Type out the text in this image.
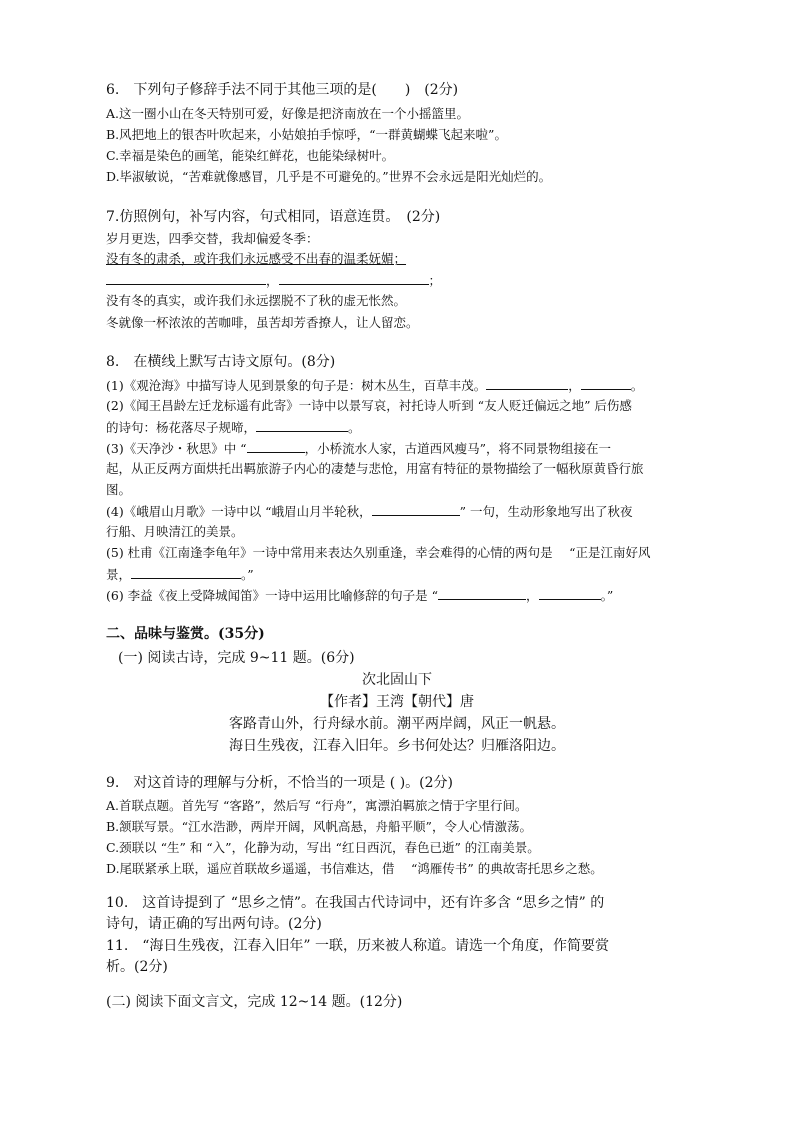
6.　下列句子修辞手法不同于其他三项的是(　　)　(2分)
A.这一圈小山在冬天特别可爱，好像是把济南放在一个小摇篮里。
B.风把地上的银杏叶吹起来，小姑娘拍手惊呼，“一群黄蝴蝶飞起来啦”。
C.幸福是染色的画笔，能染红鲜花，也能染绿树叶。
D.毕淑敏说，“苦难就像感冒，几乎是不可避免的。”世界不会永远是阳光灿烂的。
7.仿照例句，补写内容，句式相同，语意连贯。　(2分)
岁月更迭，四季交替，我却偏爱冬季：
没有冬的肃杀，或许我们永远感受不出春的温柔妩媚；
，	；
没有冬的真实，或许我们永远摆脱不了秋的虚无怅然。
冬就像一杯浓浓的苦咖啡，虽苦却芳香撩人，让人留恋。
8.　在横线上默写古诗文原句。(8分)
(1)《观沧海》中描写诗人见到景象的句子是：树木丛生，百草丰茂。	，	。
(2)《闻王昌龄左迁龙标遥有此寄》一诗中以景写哀，衬托诗人听到 “友人贬迁偏远之地” 后伤感
的诗句：杨花落尽子规啼，	。
(3)《天净沙・秋思》中 “	，小桥流水人家，古道西风瘦马”，将不同景物组接在一
起，从正反两方面烘托出羁旅游子内心的凄楚与悲怆，用富有特征的景物描绘了一幅秋原黄昏行旅
图。
(4)《峨眉山月歌》一诗中以 “峨眉山月半轮秋，	” 一句，生动形象地写出了秋夜
行船、月映清江的美景。
(5) 杜甫《江南逢李龟年》一诗中常用来表达久别重逢，幸会难得的心情的两句是　 “正是江南好风
景，	。”
(6) 李益《夜上受降城闻笛》一诗中运用比喻修辞的句子是 “	，	。”
二、品味与鉴赏。(35分)
(一) 阅读古诗，完成 9~11 题。(6分)
次北固山下
【作者】王湾【朝代】唐
客路青山外，行舟绿水前。潮平两岸阔，风正一帆悬。
海日生残夜，江春入旧年。乡书何处达？归雁洛阳边。
9.　对这首诗的理解与分析，不恰当的一项是 ( )。(2分)
A.首联点题。首先写 “客路”，然后写 “行舟”，寓漂泊羁旅之情于字里行间。
B.颔联写景。“江水浩渺，两岸开阔，风帆高悬，舟船平顺”，令人心情激荡。
C.颈联以 “生” 和 “入”，化静为动，写出 “红日西沉，春色已逝” 的江南美景。
D.尾联紧承上联，遥应首联故乡遥遥，书信难达，借　 “鸿雁传书” 的典故寄托思乡之愁。
10.　这首诗提到了 “思乡之情”。在我国古代诗词中，还有许多含 “思乡之情” 的
诗句，请正确的写出两句诗。(2分)
11.　“海日生残夜，江春入旧年” 一联，历来被人称道。请选一个角度，作简要赏
析。(2分)
(二) 阅读下面文言文，完成 12~14 题。(12分)
